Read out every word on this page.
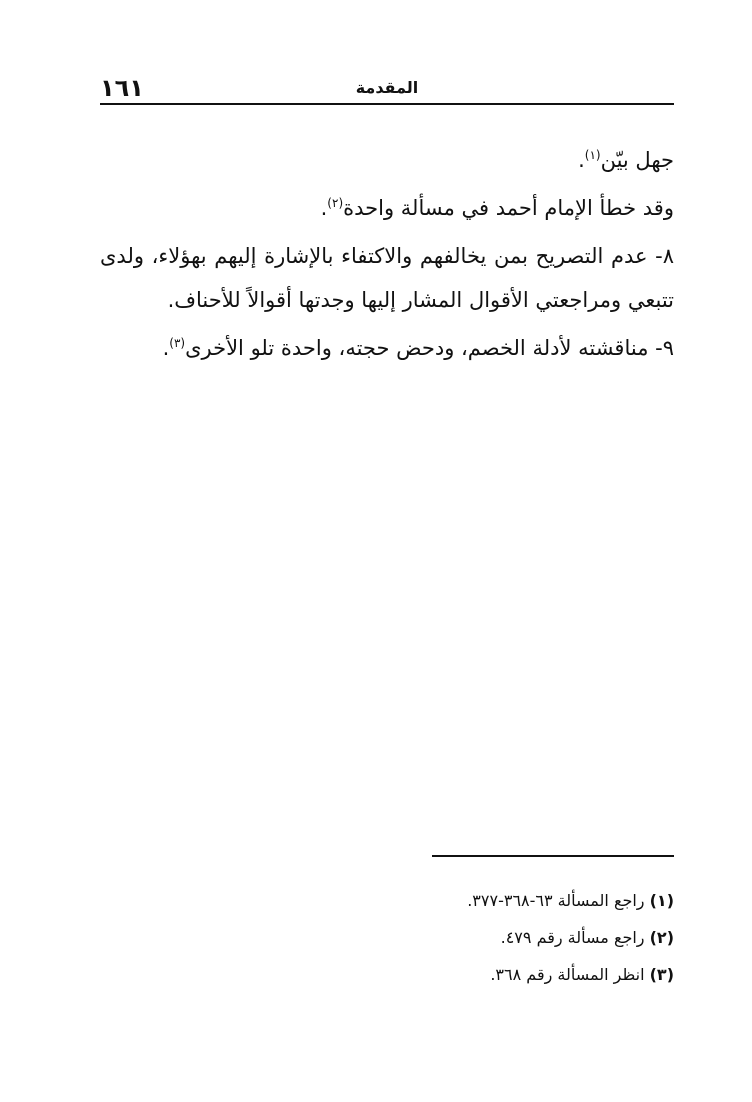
١٦١	المقدمة

جهل بيّن$^{(١)}$.

وقد خطأ الإمام أحمد في مسألة واحدة$^{(٢)}$.

٨- عدم التصريح بمن يخالفهم والاكتفاء بالإشارة إليهم بهؤلاء، ولدى تتبعي ومراجعتي الأقوال المشار إليها وجدتها أقوالاً للأحناف.

٩- مناقشته لأدلة الخصم، ودحض حجته، واحدة تلو الأخرى$^{(٣)}$.

(١) راجع المسألة ٦٣-٣٦٨-٣٧٧.

(٢) راجع مسألة رقم ٤٧٩.

(٣) انظر المسألة رقم ٣٦٨.
